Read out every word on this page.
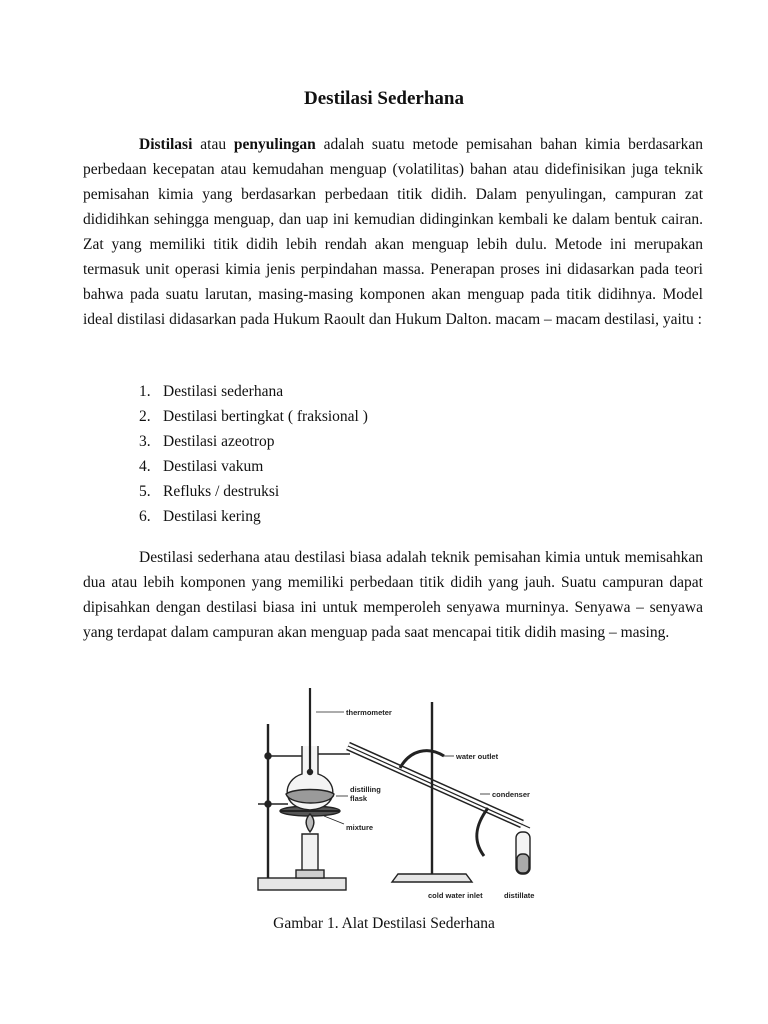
Destilasi Sederhana

Distilasi atau penyulingan adalah suatu metode pemisahan bahan kimia berdasarkan perbedaan kecepatan atau kemudahan menguap (volatilitas) bahan atau didefinisikan juga teknik pemisahan kimia yang berdasarkan perbedaan titik didih. Dalam penyulingan, campuran zat dididihkan sehingga menguap, dan uap ini kemudian didinginkan kembali ke dalam bentuk cairan. Zat yang memiliki titik didih lebih rendah akan menguap lebih dulu. Metode ini merupakan termasuk unit operasi kimia jenis perpindahan massa. Penerapan proses ini didasarkan pada teori bahwa pada suatu larutan, masing-masing komponen akan menguap pada titik didihnya. Model ideal distilasi didasarkan pada Hukum Raoult dan Hukum Dalton. macam – macam destilasi, yaitu :

1. Destilasi sederhana
2. Destilasi bertingkat ( fraksional )
3. Destilasi azeotrop
4. Destilasi vakum
5. Refluks / destruksi
6. Destilasi kering

Destilasi sederhana atau destilasi biasa adalah teknik pemisahan kimia untuk memisahkan dua atau lebih komponen yang memiliki perbedaan titik didih yang jauh. Suatu campuran dapat dipisahkan dengan destilasi biasa ini untuk memperoleh senyawa murninya. Senyawa – senyawa yang terdapat dalam campuran akan menguap pada saat mencapai titik didih masing – masing.

thermometer
water outlet
condenser
distilling flask
mixture
cold water inlet	distillate
Gambar 1. Alat Destilasi Sederhana
